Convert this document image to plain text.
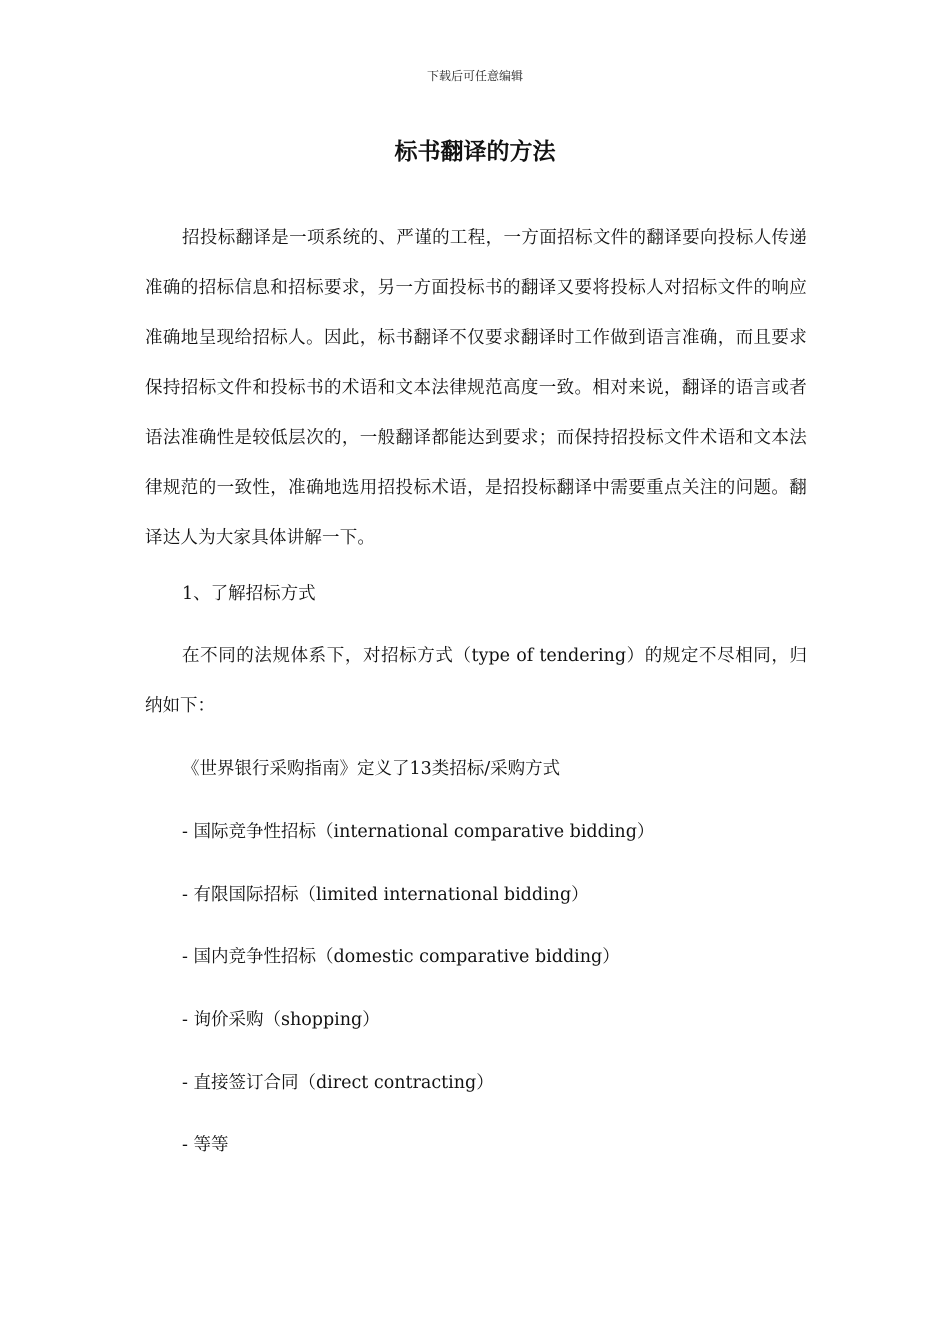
下载后可任意编辑
标书翻译的方法

招投标翻译是一项系统的、严谨的工程，一方面招标文件的翻译要向投标人传递准确的招标信息和招标要求，另一方面投标书的翻译又要将投标人对招标文件的响应准确地呈现给招标人。因此，标书翻译不仅要求翻译时工作做到语言准确，而且要求保持招标文件和投标书的术语和文本法律规范高度一致。相对来说，翻译的语言或者语法准确性是较低层次的，一般翻译都能达到要求；而保持招投标文件术语和文本法律规范的一致性，准确地选用招投标术语，是招投标翻译中需要重点关注的问题。翻译达人为大家具体讲解一下。

1、了解招标方式

在不同的法规体系下，对招标方式（type of tendering）的规定不尽相同，归纳如下：

《世界银行采购指南》定义了13类招标/采购方式

- 国际竞争性招标（international comparative bidding）

- 有限国际招标（limited international bidding）

- 国内竞争性招标（domestic comparative bidding）

- 询价采购（shopping）

- 直接签订合同（direct contracting）

- 等等
